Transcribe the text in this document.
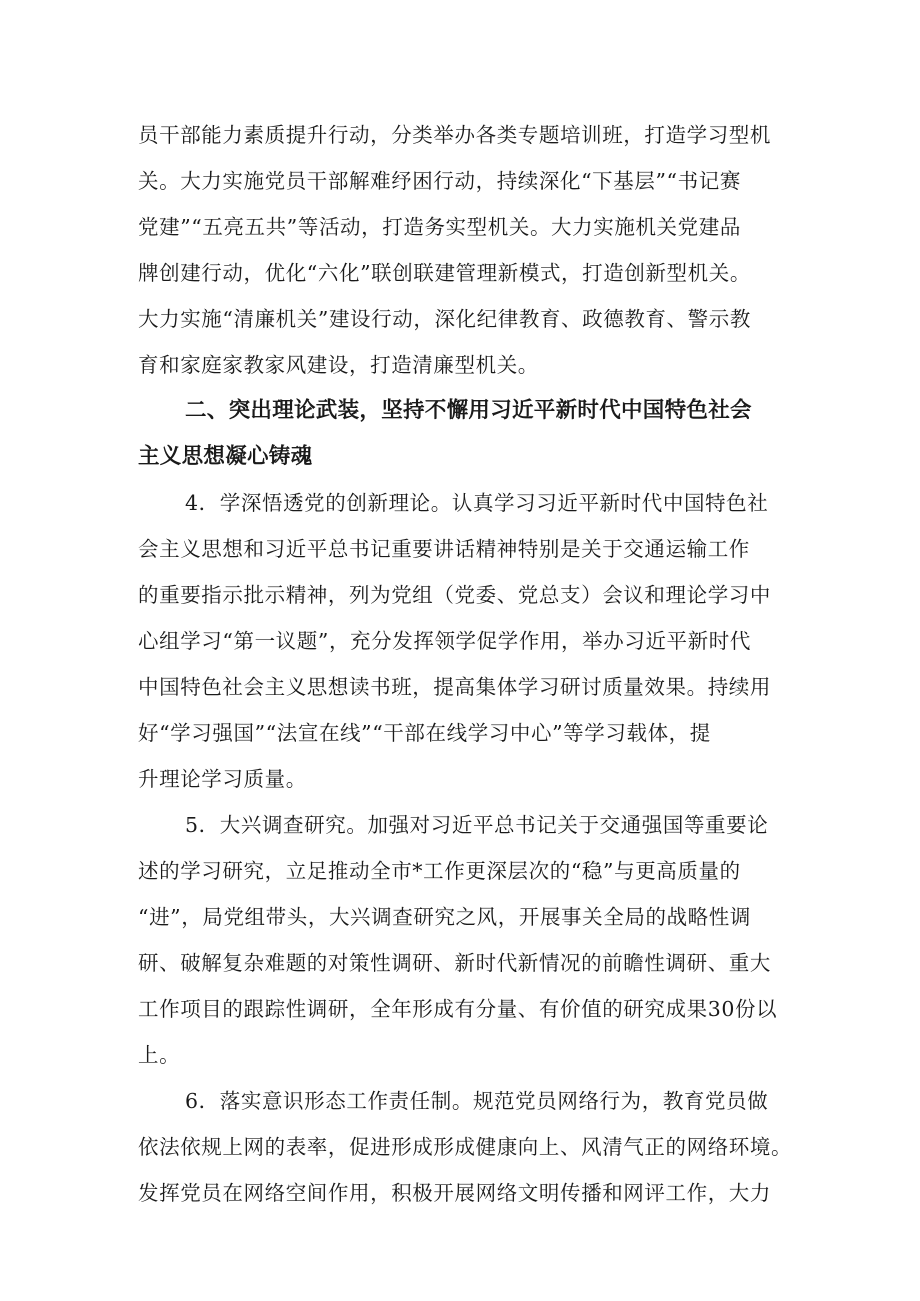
员干部能力素质提升行动，分类举办各类专题培训班，打造学习型机
关。大力实施党员干部解难纾困行动，持续深化“下基层”“书记赛
党建”“五亮五共”等活动，打造务实型机关。大力实施机关党建品
牌创建行动，优化“六化”联创联建管理新模式，打造创新型机关。
大力实施“清廉机关”建设行动，深化纪律教育、政德教育、警示教
育和家庭家教家风建设，打造清廉型机关。
二、突出理论武装，坚持不懈用习近平新时代中国特色社会
主义思想凝心铸魂
4．学深悟透党的创新理论。认真学习习近平新时代中国特色社
会主义思想和习近平总书记重要讲话精神特别是关于交通运输工作
的重要指示批示精神，列为党组（党委、党总支）会议和理论学习中
心组学习“第一议题”，充分发挥领学促学作用，举办习近平新时代
中国特色社会主义思想读书班，提高集体学习研讨质量效果。持续用
好“学习强国”“法宣在线”“干部在线学习中心”等学习载体，提
升理论学习质量。
5．大兴调查研究。加强对习近平总书记关于交通强国等重要论
述的学习研究，立足推动全市*工作更深层次的“稳”与更高质量的
“进”，局党组带头，大兴调查研究之风，开展事关全局的战略性调
研、破解复杂难题的对策性调研、新时代新情况的前瞻性调研、重大
工作项目的跟踪性调研，全年形成有分量、有价值的研究成果30份以
上。
6．落实意识形态工作责任制。规范党员网络行为，教育党员做
依法依规上网的表率，促进形成形成健康向上、风清气正的网络环境。
发挥党员在网络空间作用，积极开展网络文明传播和网评工作，大力
